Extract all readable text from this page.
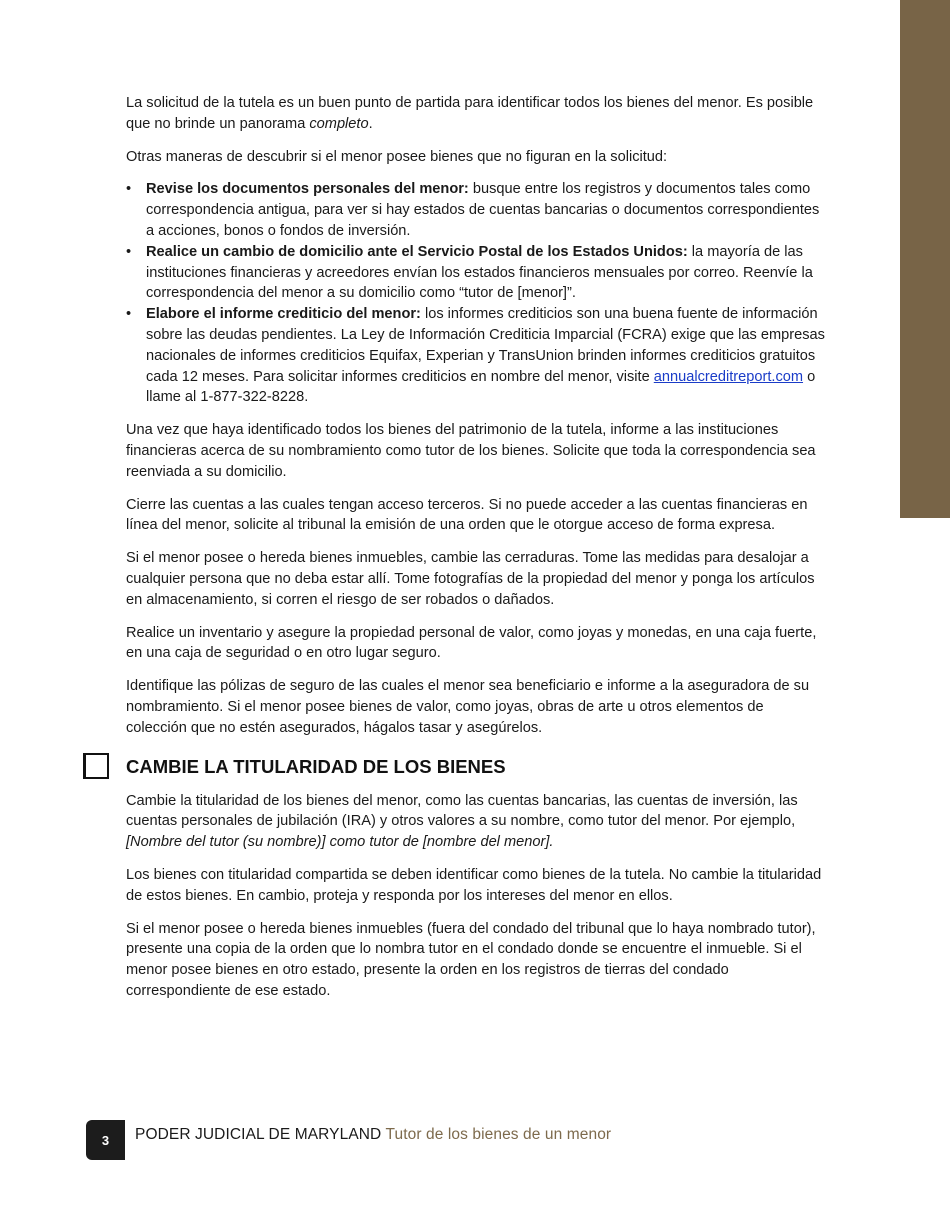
La solicitud de la tutela es un buen punto de partida para identificar todos los bienes del menor. Es posible que no brinde un panorama completo.

Otras maneras de descubrir si el menor posee bienes que no figuran en la solicitud:

• Revise los documentos personales del menor: busque entre los registros y documentos tales como correspondencia antigua, para ver si hay estados de cuentas bancarias o documentos correspondientes a acciones, bonos o fondos de inversión.
• Realice un cambio de domicilio ante el Servicio Postal de los Estados Unidos: la mayoría de las instituciones financieras y acreedores envían los estados financieros mensuales por correo. Reenvíe la correspondencia del menor a su domicilio como “tutor de [menor]”.
• Elabore el informe crediticio del menor: los informes crediticios son una buena fuente de información sobre las deudas pendientes. La Ley de Información Crediticia Imparcial (FCRA) exige que las empresas nacionales de informes crediticios Equifax, Experian y TransUnion brinden informes crediticios gratuitos cada 12 meses. Para solicitar informes crediticios en nombre del menor, visite annualcreditreport.com o llame al 1-877-322-8228.

Una vez que haya identificado todos los bienes del patrimonio de la tutela, informe a las instituciones financieras acerca de su nombramiento como tutor de los bienes. Solicite que toda la correspondencia sea reenviada a su domicilio.

Cierre las cuentas a las cuales tengan acceso terceros. Si no puede acceder a las cuentas financieras en línea del menor, solicite al tribunal la emisión de una orden que le otorgue acceso de forma expresa.

Si el menor posee o hereda bienes inmuebles, cambie las cerraduras. Tome las medidas para desalojar a cualquier persona que no deba estar allí. Tome fotografías de la propiedad del menor y ponga los artículos en almacenamiento, si corren el riesgo de ser robados o dañados.

Realice un inventario y asegure la propiedad personal de valor, como joyas y monedas, en una caja fuerte, en una caja de seguridad o en otro lugar seguro.

Identifique las pólizas de seguro de las cuales el menor sea beneficiario e informe a la aseguradora de su nombramiento. Si el menor posee bienes de valor, como joyas, obras de arte u otros elementos de colección que no estén asegurados, hágalos tasar y asegúrelos.

CAMBIE LA TITULARIDAD DE LOS BIENES

Cambie la titularidad de los bienes del menor, como las cuentas bancarias, las cuentas de inversión, las cuentas personales de jubilación (IRA) y otros valores a su nombre, como tutor del menor. Por ejemplo, [Nombre del tutor (su nombre)] como tutor de [nombre del menor].

Los bienes con titularidad compartida se deben identificar como bienes de la tutela. No cambie la titularidad de estos bienes. En cambio, proteja y responda por los intereses del menor en ellos.

Si el menor posee o hereda bienes inmuebles (fuera del condado del tribunal que lo haya nombrado tutor), presente una copia de la orden que lo nombra tutor en el condado donde se encuentre el inmueble. Si el menor posee bienes en otro estado, presente la orden en los registros de tierras del condado correspondiente de ese estado.

3	PODER JUDICIAL DE MARYLAND Tutor de los bienes de un menor
